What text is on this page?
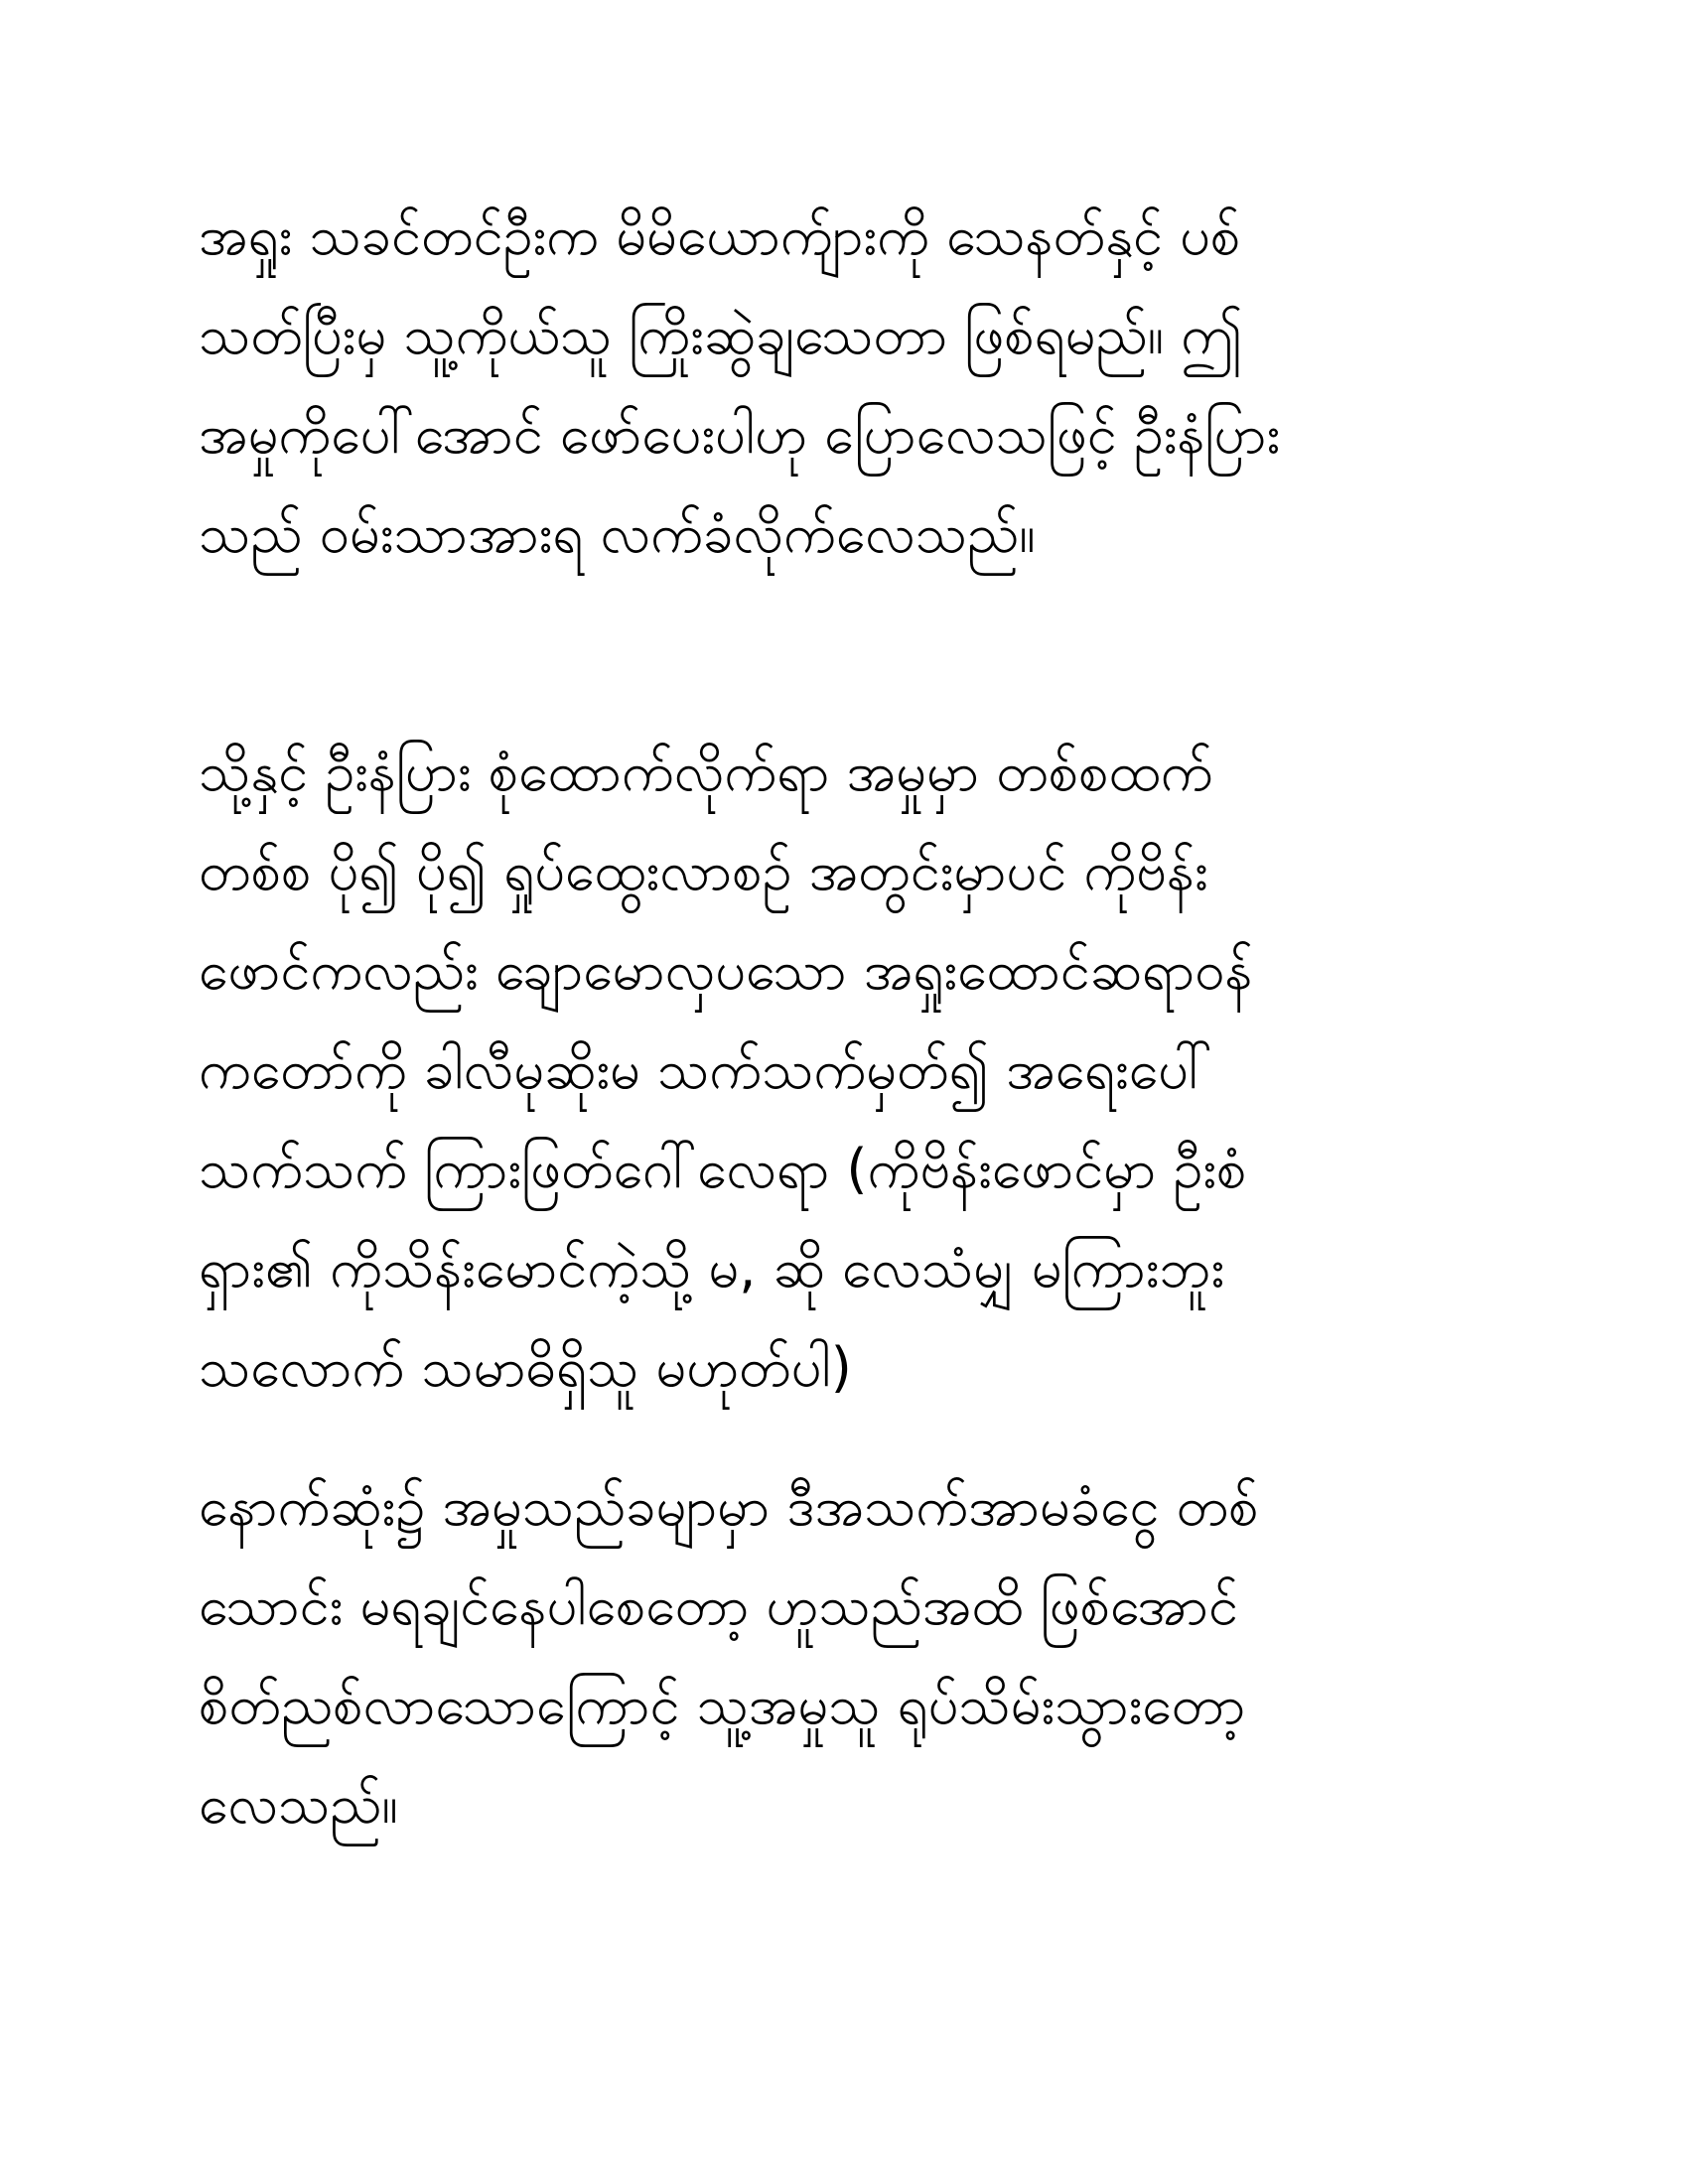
အရှုး သခင်တင်ဦးက မိမိယောက်ျားကို သေနတ်နှင့် ပစ်

သတ်ပြီးမှ သူ့ကိုယ်သူ ကြိုးဆွဲချသေတာ ဖြစ်ရမည်။ ဤ

အမှုကိုပေါ်အောင် ဖော်ပေးပါဟု ပြောလေသဖြင့် ဦးနံပြား

သည် ဝမ်းသာအားရ လက်ခံလိုက်လေသည်။

သို့နှင့် ဦးနံပြား စုံထောက်လိုက်ရာ အမှုမှာ တစ်စထက်

တစ်စ ပို၍ ပို၍ ရှုပ်ထွေးလာစဉ် အတွင်းမှာပင် ကိုဗိန်း

ဖောင်ကလည်း ချောမောလှပသော အရှုးထောင်ဆရာဝန်

ကတော်ကို ခါလီမုဆိုးမ သက်သက်မှတ်၍ အရေးပေါ်

သက်သက် ကြားဖြတ်ဂေါ်လေရာ (ကိုဗိန်းဖောင်မှာ ဦးစံ

ရှား၏ ကိုသိန်းမောင်ကဲ့သို့ မ, ဆို လေသံမျှ မကြားဘူး

သလောက် သမာဓိရှိသူ မဟုတ်ပါ)

နောက်ဆုံး၌ အမှုသည်ခမျာမှာ ဒီအသက်အာမခံငွေ တစ်

သောင်း မရချင်နေပါစေတော့ ဟူသည်အထိ ဖြစ်အောင်

စိတ်ညစ်လာသောကြောင့် သူ့အမှုသူ ရုပ်သိမ်းသွားတော့

လေသည်။
